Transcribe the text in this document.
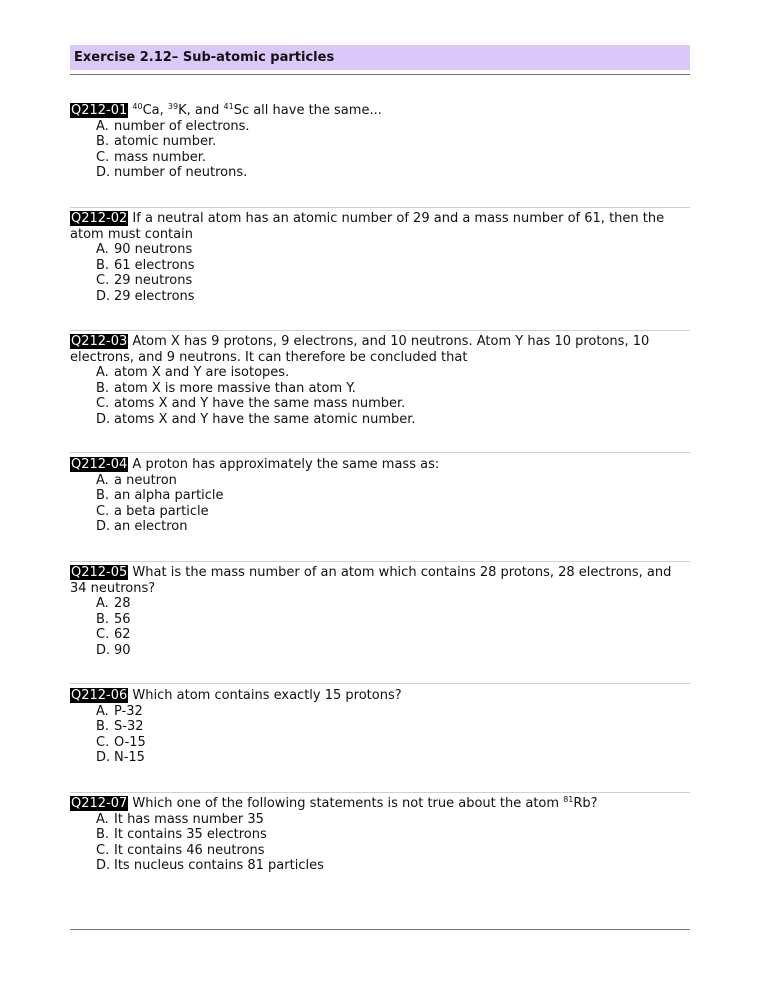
Exercise 2.12– Sub-atomic particles
Q212-01 $^{40}$Ca, $^{39}$K, and $^{41}$Sc all have the same...
A. number of electrons.
B. atomic number.
C. mass number.
D. number of neutrons.
Q212-02 If a neutral atom has an atomic number of 29 and a mass number of 61, then the atom must contain
A. 90 neutrons
B. 61 electrons
C. 29 neutrons
D. 29 electrons
Q212-03 Atom X has 9 protons, 9 electrons, and 10 neutrons. Atom Y has 10 protons, 10 electrons, and 9 neutrons. It can therefore be concluded that
A. atom X and Y are isotopes.
B. atom X is more massive than atom Y.
C. atoms X and Y have the same mass number.
D. atoms X and Y have the same atomic number.
Q212-04 A proton has approximately the same mass as:
A. a neutron
B. an alpha particle
C. a beta particle
D. an electron
Q212-05 What is the mass number of an atom which contains 28 protons, 28 electrons, and 34 neutrons?
A. 28
B. 56
C. 62
D. 90
Q212-06 Which atom contains exactly 15 protons?
A. P-32
B. S-32
C. O-15
D. N-15
Q212-07 Which one of the following statements is not true about the atom $^{81}$Rb?
A. It has mass number 35
B. It contains 35 electrons
C. It contains 46 neutrons
D. Its nucleus contains 81 particles
